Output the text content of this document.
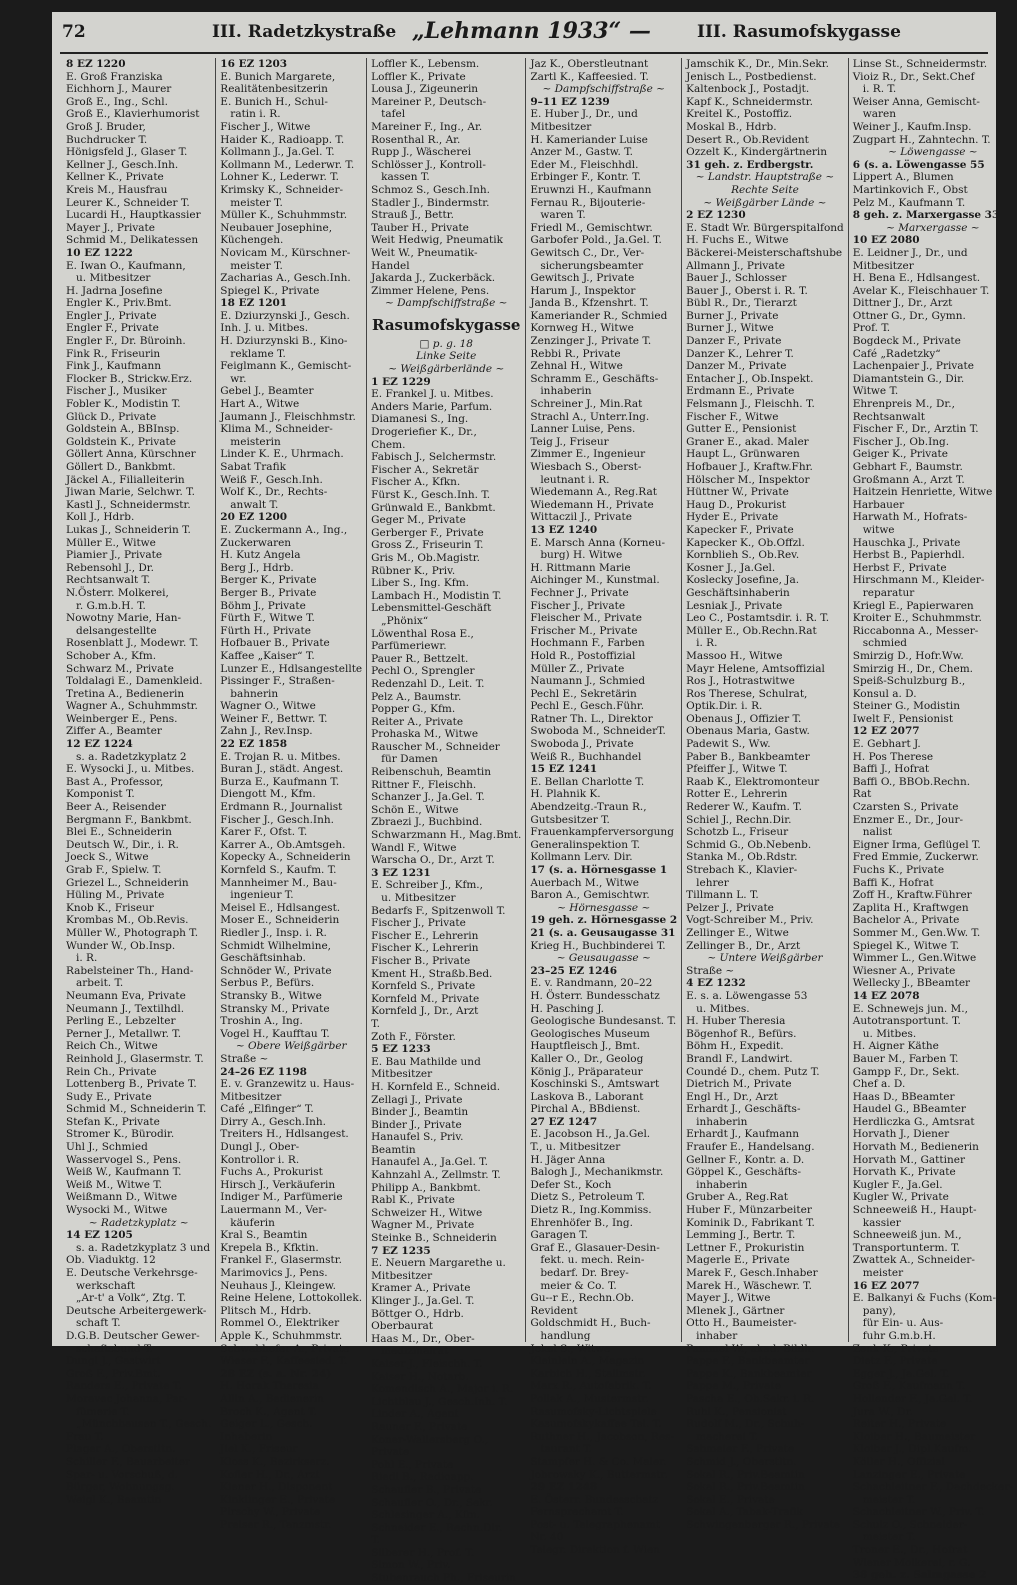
72	III. Radetzkystraße „Lehmann 1933“ —	III. Rasumofskygasse
8 EZ 1220
E. Groß Franziska
Eichhorn J., Maurer
Groß E., Ing., Schl.
Groß E., Klavierhumorist
Groß J. Bruder,
Buchdrucker T.
Hönigsfeld J., Glaser T.
Kellner J., Gesch.Inh.
Kellner K., Private
Kreis M., Hausfrau
Leurer K., Schneider T.
Lucardi H., Hauptkassier
Mayer J., Private
Schmid M., Delikatessen
10 EZ 1222
E. Iwan O., Kaufmann,
u. Mitbesitzer
H. Jadrna Josefine
Engler K., Priv.Bmt.
Engler J., Private
Engler F., Private
Engler F., Dr. Büroinh.
Fink R., Friseurin
Fink J., Kaufmann
Flocker B., Strickw.Erz.
Fischer J., Musiker
Fobler K., Modistin T.
Glück D., Private
Goldstein A., BBInsp.
Goldstein K., Private
Göllert Anna, Kürschner
Göllert D., Bankbmt.
Jäckel A., Filialleiterin
Jiwan Marie, Selchwr. T.
Kastl J., Schneidermstr.
Koll J., Hdrb.
Lukas J., Schneiderin T.
Müller E., Witwe
Piamier J., Private
Rebensohl J., Dr.
Rechtsanwalt T.
N.Österr. Molkerei,
r. G.m.b.H. T.
Nowotny Marie, Han-
delsangestellte
Rosenblatt J., Modewr. T.
Schober A., Kfm.
Schwarz M., Private
Toldalagi E., Damenkleid.
Tretina A., Bedienerin
Wagner A., Schuhmmstr.
Weinberger E., Pens.
Ziffer A., Beamter
12 EZ 1224
s. a. Radetzkyplatz 2
E. Wysocki J., u. Mitbes.
Bast A., Professor,
Komponist T.
Beer A., Reisender
Bergmann F., Bankbmt.
Blei E., Schneiderin
Deutsch W., Dir., i. R.
Joeck S., Witwe
Grab F., Spielw. T.
Griezel L., Schneiderin
Hüling M., Private
Knob K., Friseur
Krombas M., Ob.Revis.
Müller W., Photograph T.
Wunder W., Ob.Insp.
i. R.
Rabelsteiner Th., Hand-
arbeit. T.
Neumann Eva, Private
Neumann J., Textilhdl.
Perling E., Lebzelter
Perner J., Metallwr. T.
Reich Ch., Witwe
Reinhold J., Glasermstr. T.
Rein Ch., Private
Lottenberg B., Private T.
Sudy E., Private
Schmid M., Schneiderin T.
Stefan K., Private
Stromer K., Bürodir.
Uhl J., Schmied
Wasservogel S., Pens.
Weiß W., Kaufmann T.
Weiß M., Witwe T.
Weißmann D., Witwe
Wysocki M., Witwe
~ Radetzkyplatz ~
14 EZ 1205
s. a. Radetzkyplatz 3 und
Ob. Viaduktg. 12
E. Deutsche Verkehrsge-
werkschaft
„Ar-t' a Volk“, Ztg. T.
Deutsche Arbeitergewerk-
schaft T.
D.G.B. Deutscher Gewer-
schaftsbund T.
Dungl J., Gastwirt
Groß F., Priv.Bmt.
Randers E., Private T.
Moravec Johanna, Par-
fümerie T.
„Münchhausen T., Gesch.
Frau T.
Plager A., Oberstltn.
Schiller F., Bauarbeiter
Spar- u. Vorschuß, d.
Bürger, Wohnungsg.
Weigl K., Beamtin
16 EZ 1203
E. Bunich Margarete,
Realitätenbesitzerin
E. Bunich H., Schul-
ratin i. R.
Fischer J., Witwe
Haider K., Radioapp. T.
Kollmann J., Ja.Gel. T.
Kollmann M., Lederwr. T.
Lohner K., Lederwr. T.
Krimsky K., Schneider-
meister T.
Müller K., Schuhmmstr.
Neubauer Josephine,
Küchengeh.
Novicam M., Kürschner-
meister T.
Zacharias A., Gesch.Inh.
Spiegel K., Private
18 EZ 1201
E. Dziurzynski J., Gesch.
Inh. J. u. Mitbes.
H. Dziurzynski B., Kino-
reklame T.
Feiglmann K., Gemischt-
wr.
Gebel J., Beamter
Hart A., Witwe
Jaumann J., Fleischhmstr.
Klima M., Schneider-
meisterin
Linder K. E., Uhrmach.
Sabat Trafik
Weiß F., Gesch.Inh.
Wolf K., Dr., Rechts-
anwalt T.
20 EZ 1200
E. Zuckermann A., Ing.,
Zuckerwaren
H. Kutz Angela
Berg J., Hdrb.
Berger K., Private
Berger B., Private
Böhm J., Private
Fürth F., Witwe T.
Fürth H., Private
Hofbauer B., Private
Kaffee „Kaiser“ T.
Lunzer E., Hdlsangestellte
Pissinger F., Straßen-
bahnerin
Wagner O., Witwe
Weiner F., Bettwr. T.
Zahn J., Rev.Insp.
22 EZ 1858
E. Trojan R. u. Mitbes.
Buran J., städt. Angest.
Burza E., Kaufmann T.
Diengott M., Kfm.
Erdmann R., Journalist
Fischer J., Gesch.Inh.
Karer F., Ofst. T.
Karrer A., Ob.Amtsgeh.
Kopecky A., Schneiderin
Kornfeld S., Kaufm. T.
Mannheimer M., Bau-
ingenieur T.
Meisel E., Hdlsangest.
Moser E., Schneiderin
Riedler J., Insp. i. R.
Schmidt Wilhelmine,
Geschäftsinhab.
Schnöder W., Private
Serbus P., Befürs.
Stransky B., Witwe
Stransky M., Private
Troshin A., Ing.
Vogel H., Kaufftau T.
~ Obere Weißgärber
Straße ~
24–26 EZ 1198
E. v. Granzewitz u. Haus-
Mitbesitzer
Café „Elfinger“ T.
Dirry A., Gesch.Inh.
Treiters H., Hdlsangest.
Dungl J., Ober-
Kontrollor i. R.
Fuchs A., Prokurist
Hirsch J., Verkäuferin
Indiger M., Parfümerie
Lauermann M., Ver-
käuferin
Kral S., Beamtin
Krepela B., Kfktin.
Frankel F., Glasermstr.
Marimovics J., Pens.
Neuhaus J., Kleingew.
Reine Helene, Lottokollek.
Plitsch M., Hdrb.
Rommel O., Elektriker
Apple K., Schuhmmstr.
Schwabhofer A., Private
Wieser F., Kaffeesied. T.
28 EZ (s. a. Nr. 24)
H. Horak Theresia
Allin A., Bedienerin
Broch K., Agent T.
Geiger L., Gesch.
Inhaberin
Jiel K., Friseur
Kloss K., Bezirkserz.
Kofler H., Dr., Arzt
Kiener H., Disponent
Kinklinger E., Private
Pirschy W., Private
Preiser R., Tanzmstr.
Loffler K., Lebensm.
Loffler K., Private
Lousa J., Zigeunerin
Mareiner P., Deutsch-
tafel
Mareiner F., Ing., Ar.
Rosenthal R., Ar.
Rupp J., Wäscherei
Schlösser J., Kontroll-
kassen T.
Schmoz S., Gesch.Inh.
Stadler J., Bindermstr.
Strauß J., Bettr.
Tauber H., Private
Weit Hedwig, Pneumatik
Weit W., Pneumatik-
Handel
Jakarda J., Zuckerbäck.
Zimmer Helene, Pens.
~ Dampfschiffstraße ~
Rasumofskygasse
□ p. g. 18
Linke Seite
~ Weißgärberlände ~
1 EZ 1229
E. Frankel J. u. Mitbes.
Anders Marie, Parfum.
Diamanesi S., Ing.
Drogeriefier K., Dr.,
Chem.
Fabisch J., Selchermstr.
Fischer A., Sekretär
Fischer A., Kfkn.
Fürst K., Gesch.Inh. T.
Grünwald E., Bankbmt.
Geger M., Private
Gerberger F., Private
Gross Z., Friseurin T.
Gris M., Ob.Magistr.
Rübner K., Priv.
Liber S., Ing. Kfm.
Lambach H., Modistin T.
Lebensmittel-Geschäft
„Phönix“
Löwenthal Rosa E.,
Parfümeriewr.
Pauer R., Bettzelt.
Pechl O., Sprengler
Redenzahl D., Leit. T.
Pelz A., Baumstr.
Popper G., Kfm.
Reiter A., Private
Prohaska M., Witwe
Rauscher M., Schneider
für Damen
Reibenschuh, Beamtin
Rittner F., Fleischh.
Schanzer J., Ja.Gel. T.
Schön E., Witwe
Zbraezi J., Buchbind.
Schwarzmann H., Mag.Bmt.
Wandl F., Witwe
Warscha O., Dr., Arzt T.
3 EZ 1231
E. Schreiber J., Kfm.,
u. Mitbesitzer
Bedarfs F., Spitzenwoll T.
Fischer J., Private
Fischer E., Lehrerin
Fischer K., Lehrerin
Fischer B., Private
Kment H., Straßb.Bed.
Kornfeld S., Private
Kornfeld M., Private
Kornfeld J., Dr., Arzt
T.
Zoth F., Förster.
5 EZ 1233
E. Bau Mathilde und
Mitbesitzer
H. Kornfeld E., Schneid.
Zellagi J., Private
Binder J., Beamtin
Binder J., Private
Hanaufel S., Priv.
Beamtin
Hanaufel A., Ja.Gel. T.
Kahnzahl A., Zellmstr. T.
Philipp A., Bankbmt.
Rabl K., Private
Schweizer H., Witwe
Wagner M., Private
Steinke B., Schneiderin
7 EZ 1235
E. Neuern Margarethe u.
Mitbesitzer
Kramer A., Private
Klinger J., Ja.Gel. T.
Böttger O., Hdrb.
Oberbaurat
Haas M., Dr., Ober-
medizinalrat
Kaiser J., Fleischh. T.
Kaiser H., Notarb.
Komendisch A., Major i. R.
Lichtblau J., Gesch.Inh. T.
Linder A., Agent
Rauner F., Private
Koner-Wallersberg O.,
Private
Pohl E., Private
Riedl B., Radioapp.
Schaufler B., Private
Schaufler O., Dr., Sekr.
Schlesinger A., Kfm.
Schneider E., Rechn.Dir.
T.
Silberer H., Prof. T.
Simon W., Priv.
Stubenrauch Ph., Friseurin
Jaz K., Oberstleutnant
Zartl K., Kaffeesied. T.
~ Dampfschiffstraße ~
9–11 EZ 1239
E. Huber J., Dr., und
Mitbesitzer
H. Kameriander Luise
Anzer M., Gastw. T.
Eder M., Fleischhdl.
Erbinger F., Kontr. T.
Eruwnzi H., Kaufmann
Fernau R., Bijouterie-
waren T.
Friedl M., Gemischtwr.
Garbofer Pold., Ja.Gel. T.
Gewitsch C., Dr., Ver-
sicherungsbeamter
Gewitsch J., Private
Harum J., Inspektor
Janda B., Kfzenshrt. T.
Kameriander R., Schmied
Kornweg H., Witwe
Zenzinger J., Private T.
Rebbi R., Private
Zehnal H., Witwe
Schramm E., Geschäfts-
inhaberin
Schreiner J., Min.Rat
Strachl A., Unterr.Ing.
Lanner Luise, Pens.
Teig J., Friseur
Zimmer E., Ingenieur
Wiesbach S., Oberst-
leutnant i. R.
Wiedemann A., Reg.Rat
Wiedemann H., Private
Wittaczil J., Private
13 EZ 1240
E. Marsch Anna (Korneu-
burg) H. Witwe
H. Rittmann Marie
Aichinger M., Kunstmal.
Fechner J., Private
Fischer J., Private
Fleischer M., Private
Frischer M., Private
Hochmann F., Farben
Hold R., Postoffizial
Müller Z., Private
Naumann J., Schmied
Pechl E., Sekretärin
Pechl E., Gesch.Führ.
Ratner Th. L., Direktor
Swoboda M., SchneiderT.
Swoboda J., Private
Weiß R., Buchhandel
15 EZ 1241
E. Bellan Charlotte T.
H. Plahnik K.
Abendzeitg.-Traun R.,
Gutsbesitzer T.
Frauenkampferversorgung
Generalinspektion T.
Kollmann Lerv. Dir.
17 (s. a. Hörnesgasse 1
Auerbach M., Witwe
Baron A., Gemischtwr.
~ Hörnesgasse ~
19 geh. z. Hörnesgasse 2
21 (s. a. Geusaugasse 31
Krieg H., Buchbinderei T.
~ Geusaugasse ~
23–25 EZ 1246
E. v. Randmann, 20–22
H. Österr. Bundesschatz
H. Pasching J.
Geologische Bundesanst. T.
Geologisches Museum
Hauptfleisch J., Bmt.
Kaller O., Dr., Geolog
König J., Präparateur
Koschinski S., Amtswart
Laskova B., Laborant
Pirchal A., BBdienst.
27 EZ 1247
E. Jacobson H., Ja.Gel.
T., u. Mitbesitzer
H. Jäger Anna
Balogh J., Mechanikmstr.
Defer St., Koch
Dietz S., Petroleum T.
Dietz R., Ing.Kommiss.
Ehrenhöfer B., Ing.
Garagen T.
Graf E., Glasauer-Desin-
fekt. u. mech. Rein-
bedarf. Dr. Brey-
meier & Co. T.
Gu--r E., Rechn.Ob.
Revident
Goldschmidt H., Buch-
handlung
Jokel S., Witwe
Kleinlein A., Magazin
Karbich H., Stallmstr.
Marx R., Autofabrik. T.
Pollak A., Mustermstr.
Rasumofsky-Lichtspiele
Kasumofskykaffee Tel. T.
Ruthner H., Jacobson, Res-
taurant T.
Stampfer H. & Co. Maler.
Jobrowsky K., Buttermstr.
29 EZ 1248
E. Österr. Bundesschatz
Fernsprechamt T.
Post- u. Telegraphenamt
Nr. 40
Telegr. Direktion f. Wien
Jamschik K., Dr., Min.Sekr.
Jenisch L., Postbedienst.
Kaltenbock J., Postadjt.
Kapf K., Schneidermstr.
Kreitel K., Postoffiz.
Moskal B., Hdrb.
Desert R., Ob.Revident
Ozzelt K., Kindergärtnerin
31 geh. z. Erdbergstr.
~ Landstr. Hauptstraße ~
Rechte Seite
~ Weißgärber Lände ~
2 EZ 1230
E. Stadt Wr. Bürgerspitalfond
H. Fuchs E., Witwe
Bäckerei-Meisterschaftshube
Allmann J., Private
Bauer J., Schlosser
Bauer J., Oberst i. R. T.
Bübl R., Dr., Tierarzt
Burner J., Private
Burner J., Witwe
Danzer F., Private
Danzer K., Lehrer T.
Danzer M., Private
Entacher J., Ob.Inspekt.
Erdmann E., Private
Felsmann J., Fleischh. T.
Fischer F., Witwe
Gutter E., Pensionist
Graner E., akad. Maler
Haupt L., Grünwaren
Hofbauer J., Kraftw.Fhr.
Hölscher M., Inspektor
Hüttner W., Private
Haug D., Prokurist
Hyder E., Private
Kapecker F., Private
Kapecker K., Ob.Offzl.
Kornblieh S., Ob.Rev.
Kosner J., Ja.Gel.
Koslecky Josefine, Ja.
Geschäftsinhaberin
Lesniak J., Private
Leo C., Postamtsdir. i. R. T.
Müller E., Ob.Rechn.Rat
i. R.
Massoo H., Witwe
Mayr Helene, Amtsoffizial
Ros J., Hotrastwitwe
Ros Therese, Schulrat,
Optik.Dir. i. R.
Obenaus J., Offizier T.
Obenaus Maria, Gastw.
Padewit S., Ww.
Paber B., Bankbeamter
Pfeiffer J., Witwe T.
Raab K., Elektromonteur
Rotter E., Lehrerin
Rederer W., Kaufm. T.
Schiel J., Rechn.Dir.
Schotzb L., Friseur
Schmid G., Ob.Nebenb.
Stanka M., Ob.Rdstr.
Strebach K., Klavier-
lehrer
Tillmann L. T.
Pelzer J., Private
Vogt-Schreiber M., Priv.
Zellinger E., Witwe
Zellinger B., Dr., Arzt
~ Untere Weißgärber
Straße ~
4 EZ 1232
E. s. a. Löwengasse 53
u. Mitbes.
H. Huber Theresia
Bögenhof R., Befürs.
Böhm H., Expedit.
Brandl F., Landwirt.
Coundé D., chem. Putz T.
Dietrich M., Private
Engl H., Dr., Arzt
Erhardt J., Geschäfts-
inhaberin
Erhardt J., Kaufmann
Fraufer E., Handelsang.
Gellner F., Kontr. a. D.
Göppel K., Geschäfts-
inhaberin
Gruber A., Reg.Rat
Huber F., Münzarbeiter
Kominik D., Fabrikant T.
Lemming J., Bertr. T.
Lettner F., Prokuristin
Magerle E., Private
Marek F., Gesch.Inhaber
Marek H., Wäschewr. T.
Mayer J., Witwe
Mlenek J., Gärtner
Otto H., Baumeister-
inhaber
Pammel W., akad. Bildh.
Pappe F., Bankbeamter
Pappe K., Bankbeamter
Pappe M., Private
Pascha E., Ob.Sekr. i. R.
Ruhl K., Pensionist
Rudolf M., Dr., Schuh-
macherei T.
Sahmeier F., Private
Schmid J., Oberstltn.
Sokal R., Priv.Beamtin
Sokal R., Priv.Beamtin
Sokal E., Private
Sokal A., Tabak-Trafik
Schwingenberger R., Private
Linse St., Schneidermstr.
Vioiz R., Dr., Sekt.Chef
i. R. T.
Weiser Anna, Gemischt-
waren
Weiner J., Kaufm.Insp.
Zugpart H., Zahntechn. T.
~ Löwengasse ~
6 (s. a. Löwengasse 55
Lippert A., Blumen
Martinkovich F., Obst
Pelz M., Kaufmann T.
8 geh. z. Marxergasse 33
~ Marxergasse ~
10 EZ 2080
E. Leidner J., Dr., und
Mitbesitzer
H. Bena E., Hdlsangest.
Avelar K., Fleischhauer T.
Dittner J., Dr., Arzt
Ottner G., Dr., Gymn.
Prof. T.
Bogdeck M., Private
Café „Radetzky“
Lachenpaier J., Private
Diamantstein G., Dir.
Witwe T.
Ehrenpreis M., Dr.,
Rechtsanwalt
Fischer F., Dr., Arztin T.
Fischer J., Ob.Ing.
Geiger K., Private
Gebhart F., Baumstr.
Großmann A., Arzt T.
Haitzein Henriette, Witwe
Harbauer
Harwath M., Hofrats-
witwe
Hauschka J., Private
Herbst B., Papierhdl.
Herbst F., Private
Hirschmann M., Kleider-
reparatur
Kriegl E., Papierwaren
Kroiter E., Schuhmmstr.
Riccabonna A., Messer-
schmied
Smirzig D., Hofr.Ww.
Smirzig H., Dr., Chem.
Speiß-Schulzburg B.,
Konsul a. D.
Steiner G., Modistin
Iwelt F., Pensionist
12 EZ 2077
E. Gebhart J.
H. Pos Therese
Baffi J., Hofrat
Baffi O., BBOb.Rechn.
Rat
Czarsten S., Private
Enzmer E., Dr., Jour-
nalist
Eigner Irma, Geflügel T.
Fred Emmie, Zuckerwr.
Fuchs K., Private
Baffi K., Hofrat
Zoff H., Kraftw.Führer
Zaplita H., Kraftwgen
Bachelor A., Private
Sommer M., Gen.Ww. T.
Spiegel K., Witwe T.
Wimmer L., Gen.Witwe
Wiesner A., Private
Wellecky J., BBeamter
14 EZ 2078
E. Schnewejs jun. M.,
Autotransportunt. T.
u. Mitbes.
H. Aigner Käthe
Bauer M., Farben T.
Gampp F., Dr., Sekt.
Chef a. D.
Haas D., BBeamter
Haudel G., BBeamter
Herdliczka G., Amtsrat
Horvath J., Diener
Horvath M., Bedienerin
Horvath M., Gattiner
Horvath K., Private
Kugler F., Ja.Gel.
Kugler W., Private
Schneeweiß H., Haupt-
kassier
Schneeweiß jun. M.,
Transportunterm. T.
Zwattek A., Schneider-
meister
16 EZ 2077
E. Balkanyi & Fuchs (Kom-
pany),
für Ein- u. Aus-
fuhr G.m.b.H.
Zenk K., Private
Dietz F., Private
Egger J., Ja.Gel. T.
Groß F., Kaufmann T.
Hollender F., Ja.Gel. T.
Jura W., Dr.
Reiter H., Private
Kloiber H., Baumeister
Kloiber J., Dipl.Kaufm.
Köller H., Offizial
Lanzinger E., Private
Schachleitner F., Dachdecker-
meister T.
Schachleitner W., Priv. T.
Schulz O., Schneider-
meister T.
Troner E., Dr., Hofrat
Wiener Molkerei, r. G.
38 geh. z. Salmgasse 2
